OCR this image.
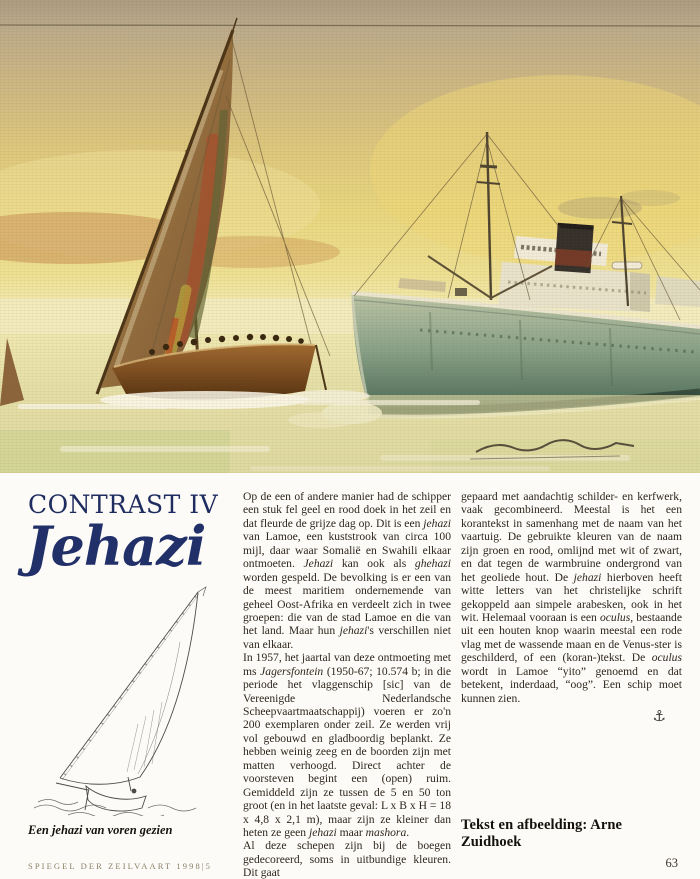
CONTRAST IV
Jehazi
Een jehazi van voren gezien
SPIEGEL DER ZEILVAART 1998|5

Op de een of andere manier had de schipper een stuk fel geel en rood doek in het zeil en dat fleurde de grijze dag op. Dit is een jehazi van Lamoe, een kuststrook van circa 100 mijl, daar waar Somalië en Swahili elkaar ontmoeten. Jehazi kan ook als ghehazi worden gespeld. De bevolking is er een van de meest maritiem ondernemende van geheel Oost-Afrika en verdeelt zich in twee groepen: die van de stad Lamoe en die van het land. Maar hun jehazi's verschillen niet van elkaar.

In 1957, het jaartal van deze ontmoeting met ms Jagersfontein (1950-67; 10.574 b; in die periode het vlaggenschip [sic] van de Vereenigde Nederlandsche Scheepvaartmaatschappij) voeren er zo'n 200 exemplaren onder zeil. Ze werden vrij vol gebouwd en gladboordig beplankt. Ze hebben weinig zeeg en de boorden zijn met matten verhoogd. Direct achter de voorsteven begint een (open) ruim. Gemiddeld zijn ze tussen de 5 en 50 ton groot (en in het laatste geval: L x B x H = 18 x 4,8 x 2,1 m), maar zijn ze kleiner dan heten ze geen jehazi maar mashora.

Al deze schepen zijn bij de boegen gedecoreerd, soms in uitbundige kleuren. Dit gaat

gepaard met aandachtig schilder- en kerfwerk, vaak gecombineerd. Meestal is het een korantekst in samenhang met de naam van het vaartuig. De gebruikte kleuren van de naam zijn groen en rood, omlijnd met wit of zwart, en dat tegen de warmbruine ondergrond van het geoliede hout. De jehazi hierboven heeft witte letters van het christelijke schrift gekoppeld aan simpele arabesken, ook in het wit. Helemaal vooraan is een oculus, bestaande uit een houten knop waarin meestal een rode vlag met de wassende maan en de Venus-ster is geschilderd, of een (koran-)tekst. De oculus wordt in Lamoe “yito” genoemd en dat betekent, inderdaad, “oog”. Een schip moet kunnen zien.

⚓
Tekst en afbeelding: Arne Zuidhoek
63
